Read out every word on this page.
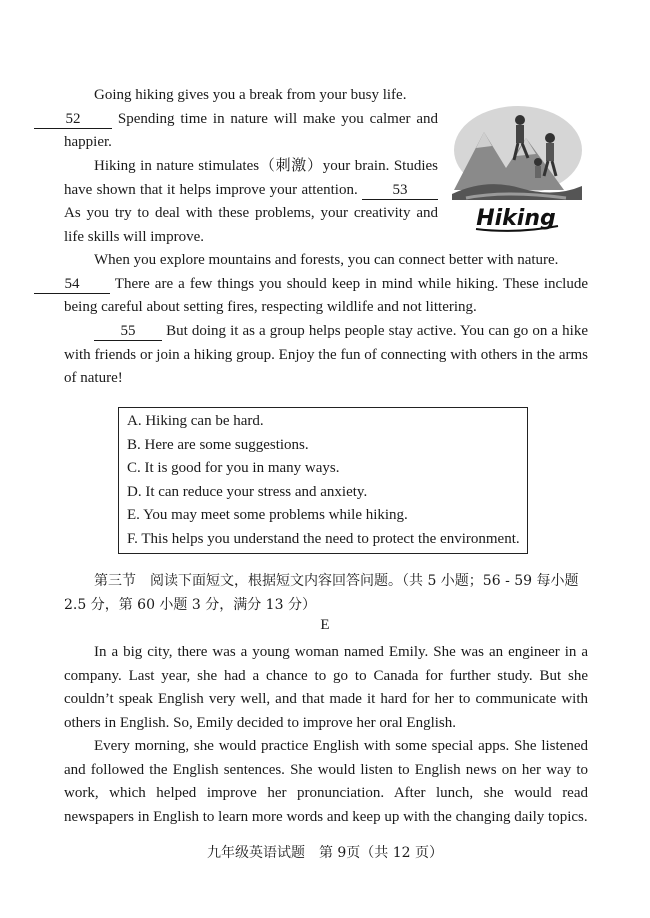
Going hiking gives you a break from your busy life.
52 Spending time in nature will make you calmer and happier.
Hiking in nature stimulates（刺激）your brain. Studies have shown that it helps improve your attention. 53 As you try to deal with these problems, your creativity and life skills will improve.
Hiking
When you explore mountains and forests, you can connect better with nature.
54 There are a few things you should keep in mind while hiking. These include being careful about setting fires, respecting wildlife and not littering.
55 But doing it as a group helps people stay active. You can go on a hike with friends or join a hiking group. Enjoy the fun of connecting with others in the arms of nature!
A. Hiking can be hard.
B. Here are some suggestions.
C. It is good for you in many ways.
D. It can reduce your stress and anxiety.
E. You may meet some problems while hiking.
F. This helps you understand the need to protect the environment.
第三节　阅读下面短文，根据短文内容回答问题。（共 5 小题；56 - 59 每小题 2.5 分，第 60 小题 3 分，满分 13 分）
E
In a big city, there was a young woman named Emily. She was an engineer in a company. Last year, she had a chance to go to Canada for further study. But she couldn’t speak English very well, and that made it hard for her to communicate with others in English. So, Emily decided to improve her oral English.
Every morning, she would practice English with some special apps. She listened and followed the English sentences. She would listen to English news on her way to work, which helped improve her pronunciation. After lunch, she would read newspapers in English to learn more words and keep up with the changing daily topics.
九年级英语试题　第 9页（共 12 页）
